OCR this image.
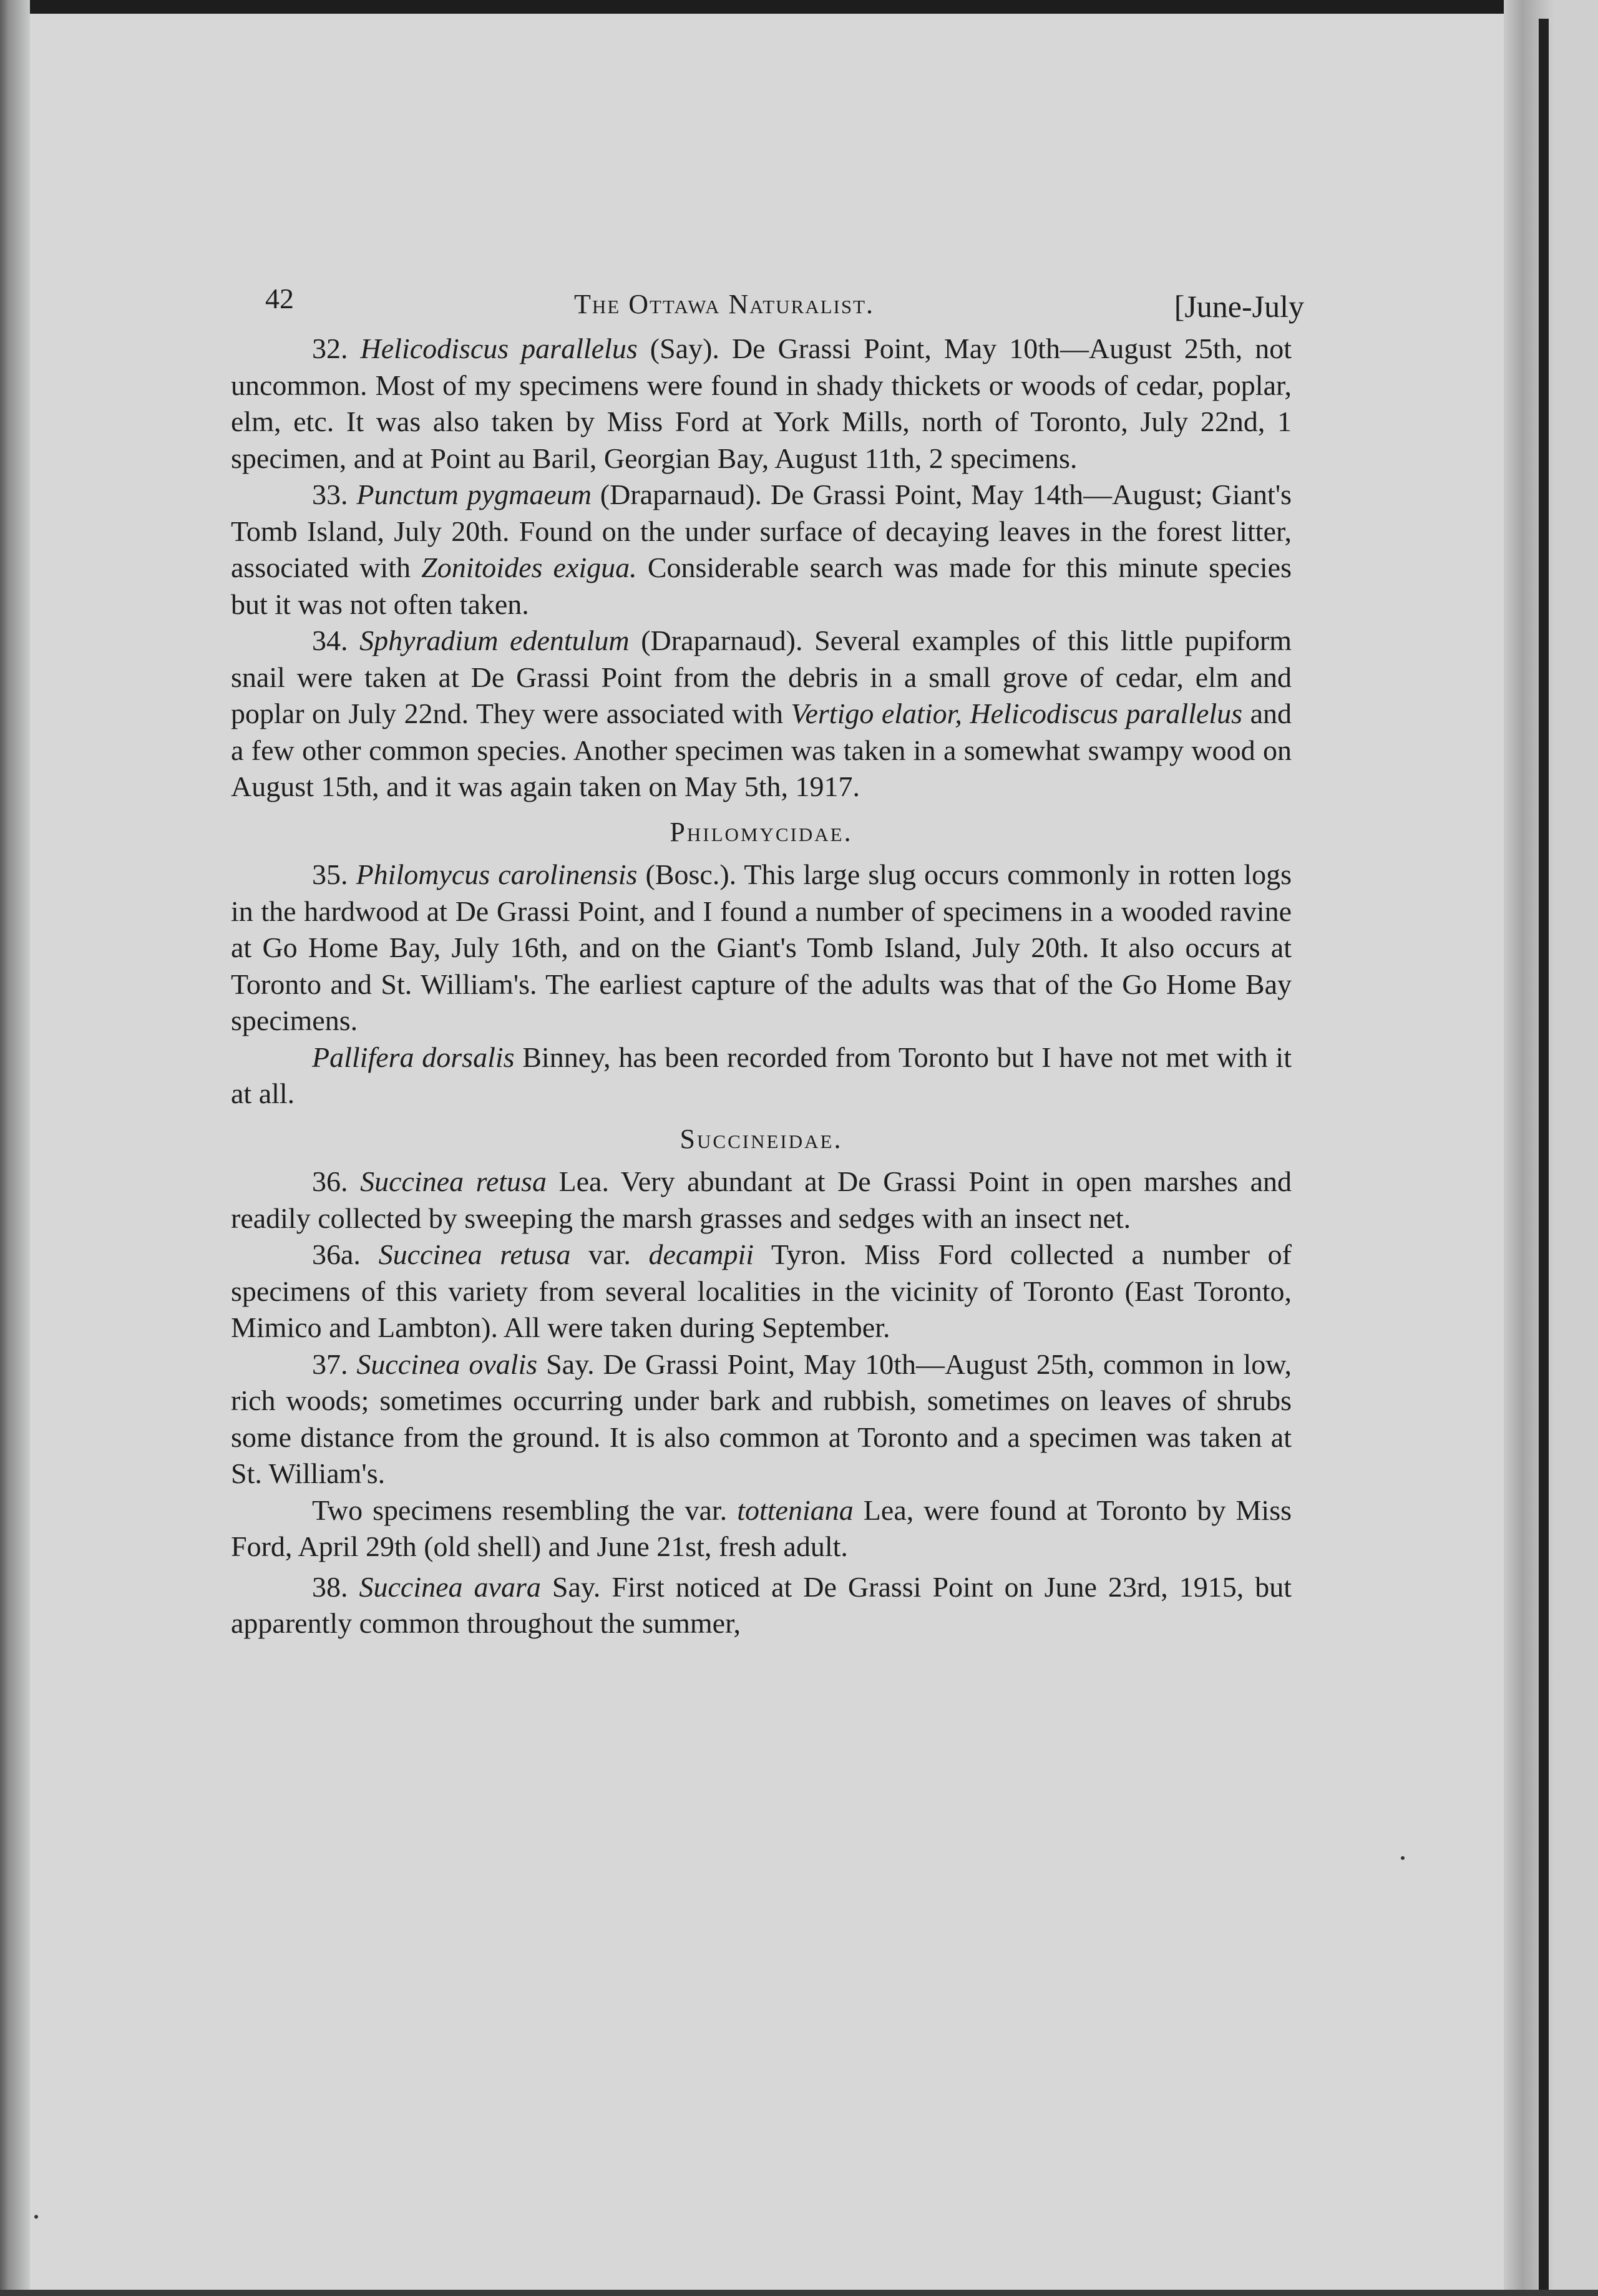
42	The Ottawa Naturalist.	[June-July

32. Helicodiscus parallelus (Say). De Grassi Point, May 10th—August 25th, not uncommon. Most of my specimens were found in shady thickets or woods of cedar, poplar, elm, etc. It was also taken by Miss Ford at York Mills, north of Toronto, July 22nd, 1 specimen, and at Point au Baril, Georgian Bay, August 11th, 2 specimens.

33. Punctum pygmaeum (Draparnaud). De Grassi Point, May 14th—August; Giant's Tomb Island, July 20th. Found on the under surface of decaying leaves in the forest litter, associated with Zonitoides exigua. Considerable search was made for this minute species but it was not often taken.

34. Sphyradium edentulum (Draparnaud). Several examples of this little pupiform snail were taken at De Grassi Point from the debris in a small grove of cedar, elm and poplar on July 22nd. They were associated with Vertigo elatior, Helicodiscus parallelus and a few other common species. Another specimen was taken in a somewhat swampy wood on August 15th, and it was again taken on May 5th, 1917.

Philomycidae.

35. Philomycus carolinensis (Bosc.). This large slug occurs commonly in rotten logs in the hardwood at De Grassi Point, and I found a number of specimens in a wooded ravine at Go Home Bay, July 16th, and on the Giant's Tomb Island, July 20th. It also occurs at Toronto and St. William's. The earliest capture of the adults was that of the Go Home Bay specimens.

Pallifera dorsalis Binney, has been recorded from Toronto but I have not met with it at all.

Succineidae.

36. Succinea retusa Lea. Very abundant at De Grassi Point in open marshes and readily collected by sweeping the marsh grasses and sedges with an insect net.

36a. Succinea retusa var. decampii Tyron. Miss Ford collected a number of specimens of this variety from several localities in the vicinity of Toronto (East Toronto, Mimico and Lambton). All were taken during September.

37. Succinea ovalis Say. De Grassi Point, May 10th—August 25th, common in low, rich woods; sometimes occurring under bark and rubbish, sometimes on leaves of shrubs some distance from the ground. It is also common at Toronto and a specimen was taken at St. William's.

Two specimens resembling the var. totteniana Lea, were found at Toronto by Miss Ford, April 29th (old shell) and June 21st, fresh adult.

38. Succinea avara Say. First noticed at De Grassi Point on June 23rd, 1915, but apparently common throughout the summer,
